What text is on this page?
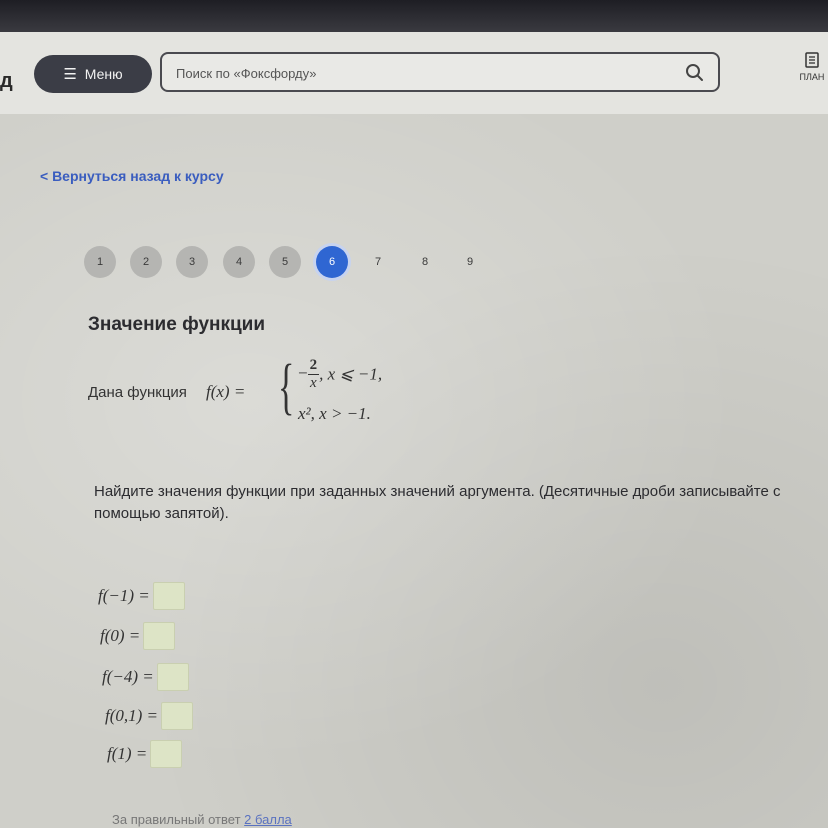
д	☰ Меню
Поиск по «Фоксфорду»	ПЛАН
< Вернуться назад к курсу
1	2	3	4	5	6	7	8	9
Значение функции
Дана функция f(x) = { − $\frac{2}{x}$ , x ⩽ −1,
x², x > −1.
Найдите значения функции при заданных значений аргумента. (Десятичные дроби записывайте с помощью запятой).
f(−1) =
f(0) =
f(−4) =
f(0,1) =
f(1) =
За правильный ответ 2 балла
